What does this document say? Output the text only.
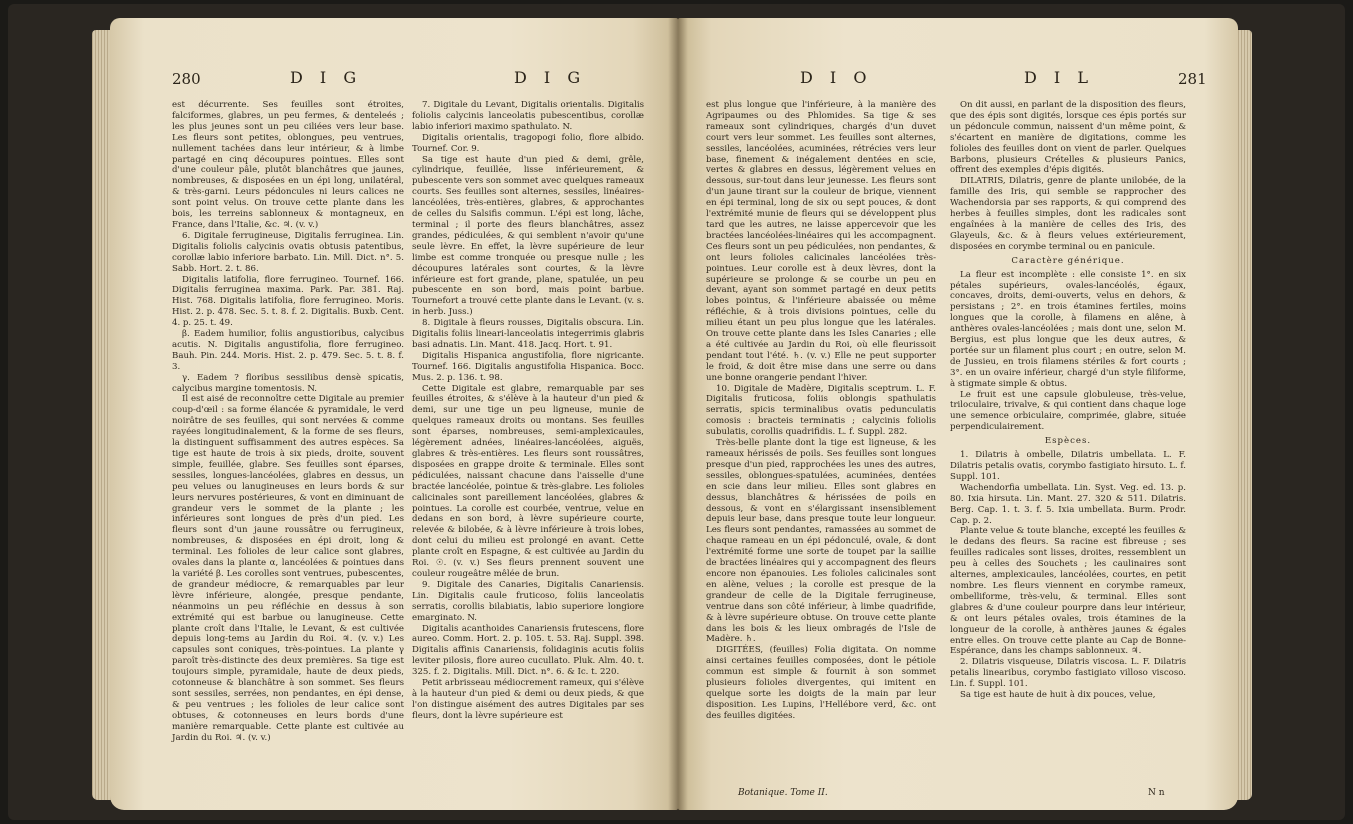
280	D I G	D I G

est décurrente. Ses feuilles sont étroites, falciformes, glabres, un peu fermes, & denteleés ; les plus jeunes sont un peu ciliées vers leur base. Les fleurs sont petites, oblongues, peu ventrues, nullement tachées dans leur intérieur, & à limbe partagé en cinq découpures pointues. Elles sont d'une couleur pâle, plutôt blanchâtres que jaunes, nombreuses, & disposées en un épi long, unilatéral, & très-garni. Leurs pédoncules ni leurs calices ne sont point velus. On trouve cette plante dans les bois, les terreins sablonneux & montagneux, en France, dans l'Italie, &c. ♃. (v. v.)

6. Digitale ferrugineuse, Digitalis ferruginea. Lin. Digitalis foliolis calycinis ovatis obtusis patentibus, corollæ labio inferiore barbato. Lin. Mill. Dict. n°. 5. Sabb. Hort. 2. t. 86.

Digitalis latifolia, flore ferrugineo. Tournef. 166. Digitalis ferruginea maxima. Park. Par. 381. Raj. Hist. 768. Digitalis latifolia, flore ferrugineo. Moris. Hist. 2. p. 478. Sec. 5. t. 8. f. 2. Digitalis. Buxb. Cent. 4. p. 25. t. 49.

β. Eadem humilior, foliis angustioribus, calycibus acutis. N. Digitalis angustifolia, flore ferrugineo. Bauh. Pin. 244. Moris. Hist. 2. p. 479. Sec. 5. t. 8. f. 3.

γ. Eadem ? floribus sessilibus densè spicatis, calycibus margine tomentosis. N.

Il est aisé de reconnoître cette Digitale au premier coup-d'œil : sa forme élancée & pyramidale, le verd noirâtre de ses feuilles, qui sont nervées & comme rayées longitudinalement, & la forme de ses fleurs, la distinguent suffisamment des autres espèces. Sa tige est haute de trois à six pieds, droite, souvent simple, feuillée, glabre. Ses feuilles sont éparses, sessiles, longues-lancéolées, glabres en dessus, un peu velues ou lanugineuses en leurs bords & sur leurs nervures postérieures, & vont en diminuant de grandeur vers le sommet de la plante ; les inférieures sont longues de près d'un pied. Les fleurs sont d'un jaune roussâtre ou ferrugineux, nombreuses, & disposées en épi droit, long & terminal. Les folioles de leur calice sont glabres, ovales dans la plante α, lancéolées & pointues dans la variété β. Les corolles sont ventrues, pubescentes, de grandeur médiocre, & remarquables par leur lèvre inférieure, alongée, presque pendante, néanmoins un peu réfléchie en dessus à son extrémité qui est barbue ou lanugineuse. Cette plante croît dans l'Italie, le Levant, & est cultivée depuis long-tems au Jardin du Roi. ♃. (v. v.) Les capsules sont coniques, très-pointues. La plante γ paroît très-distincte des deux premières. Sa tige est toujours simple, pyramidale, haute de deux pieds, cotonneuse & blanchâtre à son sommet. Ses fleurs sont sessiles, serrées, non pendantes, en épi dense, & peu ventrues ; les folioles de leur calice sont obtuses, & cotonneuses en leurs bords d'une manière remarquable. Cette plante est cultivée au Jardin du Roi. ♃. (v. v.)

7. Digitale du Levant, Digitalis orientalis. Digitalis foliolis calycinis lanceolatis pubescentibus, corollæ labio inferiori maximo spathulato. N.

Digitalis orientalis, tragopogi folio, flore albido. Tournef. Cor. 9.

Sa tige est haute d'un pied & demi, grêle, cylindrique, feuillée, lisse inférieurement, & pubescente vers son sommet avec quelques rameaux courts. Ses feuilles sont alternes, sessiles, linéaires-lancéolées, très-entières, glabres, & approchantes de celles du Salsifis commun. L'épi est long, lâche, terminal ; il porte des fleurs blanchâtres, assez grandes, pédiculées, & qui semblent n'avoir qu'une seule lèvre. En effet, la lèvre supérieure de leur limbe est comme tronquée ou presque nulle ; les découpures latérales sont courtes, & la lèvre inférieure est fort grande, plane, spatulée, un peu pubescente en son bord, mais point barbue. Tournefort a trouvé cette plante dans le Levant. (v. s. in herb. Juss.)

8. Digitale à fleurs rousses, Digitalis obscura. Lin. Digitalis foliis lineari-lanceolatis integerrimis glabris basi adnatis. Lin. Mant. 418. Jacq. Hort. t. 91.

Digitalis Hispanica angustifolia, flore nigricante. Tournef. 166. Digitalis angustifolia Hispanica. Bocc. Mus. 2. p. 136. t. 98.

Cette Digitale est glabre, remarquable par ses feuilles étroites, & s'élève à la hauteur d'un pied & demi, sur une tige un peu ligneuse, munie de quelques rameaux droits ou montans. Ses feuilles sont éparses, nombreuses, semi-amplexicaules, légèrement adnées, linéaires-lancéolées, aiguës, glabres & très-entières. Les fleurs sont roussâtres, disposées en grappe droite & terminale. Elles sont pédiculées, naissant chacune dans l'aisselle d'une bractée lancéolée, pointue & très-glabre. Les folioles calicinales sont pareillement lancéolées, glabres & pointues. La corolle est courbée, ventrue, velue en dedans en son bord, à lèvre supérieure courte, relevée & bilobée, & à lèvre inférieure à trois lobes, dont celui du milieu est prolongé en avant. Cette plante croît en Espagne, & est cultivée au Jardin du Roi. ☉. (v. v.) Ses fleurs prennent souvent une couleur rougeâtre mêlée de brun.

9. Digitale des Canaries, Digitalis Canariensis. Lin. Digitalis caule fruticoso, foliis lanceolatis serratis, corollis bilabiatis, labio superiore longiore emarginato. N.

Digitalis acanthoides Canariensis frutescens, flore aureo. Comm. Hort. 2. p. 105. t. 53. Raj. Suppl. 398. Digitalis affinis Canariensis, folidaginis acutis foliis leviter pilosis, flore aureo cucullato. Pluk. Alm. 40. t. 325. f. 2. Digitalis. Mill. Dict. n°. 6. & Ic. t. 220.

Petit arbrisseau médiocrement rameux, qui s'élève à la hauteur d'un pied & demi ou deux pieds, & que l'on distingue aisément des autres Digitales par ses fleurs, dont la lèvre supérieure est

D I O	D I L	281

est plus longue que l'inférieure, à la manière des Agripaumes ou des Phlomides. Sa tige & ses rameaux sont cylindriques, chargés d'un duvet court vers leur sommet. Les feuilles sont alternes, sessiles, lancéolées, acuminées, rétrécies vers leur base, finement & inégalement dentées en scie, vertes & glabres en dessus, légèrement velues en dessous, sur-tout dans leur jeunesse. Les fleurs sont d'un jaune tirant sur la couleur de brique, viennent en épi terminal, long de six ou sept pouces, & dont l'extrémité munie de fleurs qui se développent plus tard que les autres, ne laisse appercevoir que les bractées lancéolées-linéaires qui les accompagnent. Ces fleurs sont un peu pédiculées, non pendantes, & ont leurs folioles calicinales lancéolées très-pointues. Leur corolle est à deux lèvres, dont la supérieure se prolonge & se courbe un peu en devant, ayant son sommet partagé en deux petits lobes pointus, & l'inférieure abaissée ou même réfléchie, & à trois divisions pointues, celle du milieu étant un peu plus longue que les latérales. On trouve cette plante dans les Isles Canaries ; elle a été cultivée au Jardin du Roi, où elle fleurissoit pendant tout l'été. ♄. (v. v.) Elle ne peut supporter le froid, & doit être mise dans une serre ou dans une bonne orangerie pendant l'hiver.

10. Digitale de Madère, Digitalis sceptrum. L. F. Digitalis fruticosa, foliis oblongis spathulatis serratis, spicis terminalibus ovatis pedunculatis comosis : bracteis terminatis ; calycinis foliolis subulatis, corollis quadrifidis. L. f. Suppl. 282.

Très-belle plante dont la tige est ligneuse, & les rameaux hérissés de poils. Ses feuilles sont longues presque d'un pied, rapprochées les unes des autres, sessiles, oblongues-spatulées, acuminées, dentées en scie dans leur milieu. Elles sont glabres en dessus, blanchâtres & hérissées de poils en dessous, & vont en s'élargissant insensiblement depuis leur base, dans presque toute leur longueur. Les fleurs sont pendantes, ramassées au sommet de chaque rameau en un épi pédonculé, ovale, & dont l'extrémité forme une sorte de toupet par la saillie de bractées linéaires qui y accompagnent des fleurs encore non épanouies. Les folioles calicinales sont en alène, velues ; la corolle est presque de la grandeur de celle de la Digitale ferrugineuse, ventrue dans son côté inférieur, à limbe quadrifide, & à lèvre supérieure obtuse. On trouve cette plante dans les bois & les lieux ombragés de l'Isle de Madère. ♄.

DIGITÉES, (feuilles) Folia digitata. On nomme ainsi certaines feuilles composées, dont le pétiole commun est simple & fournit à son sommet plusieurs folioles divergentes, qui imitent en quelque sorte les doigts de la main par leur disposition. Les Lupins, l'Hellébore verd, &c. ont des feuilles digitées.

On dit aussi, en parlant de la disposition des fleurs, que des épis sont digités, lorsque ces épis portés sur un pédoncule commun, naissent d'un même point, & s'écartent en manière de digitations, comme les folioles des feuilles dont on vient de parler. Quelques Barbons, plusieurs Crételles & plusieurs Panics, offrent des exemples d'épis digités.

DILATRIS, Dilatris, genre de plante unilobée, de la famille des Iris, qui semble se rapprocher des Wachendorsia par ses rapports, & qui comprend des herbes à feuilles simples, dont les radicales sont engaînées à la manière de celles des Iris, des Glayeuls, &c. & à fleurs velues extérieurement, disposées en corymbe terminal ou en panicule.

Caractère générique.

La fleur est incomplète : elle consiste 1°. en six pétales supérieurs, ovales-lancéolés, égaux, concaves, droits, demi-ouverts, velus en dehors, & persistans ; 2°. en trois étamines fertiles, moins longues que la corolle, à filamens en alêne, à anthères ovales-lancéolées ; mais dont une, selon M. Bergius, est plus longue que les deux autres, & portée sur un filament plus court ; en outre, selon M. de Jussieu, en trois filamens stériles & fort courts ; 3°. en un ovaire inférieur, chargé d'un style filiforme, à stigmate simple & obtus.

Le fruit est une capsule globuleuse, très-velue, triloculaire, trivalve, & qui contient dans chaque loge une semence orbiculaire, comprimée, glabre, située perpendiculairement.

Espèces.

1. Dilatris à ombelle, Dilatris umbellata. L. F. Dilatris petalis ovatis, corymbo fastigiato hirsuto. L. f. Suppl. 101.

Wachendorfia umbellata. Lin. Syst. Veg. ed. 13. p. 80. Ixia hirsuta. Lin. Mant. 27. 320 & 511. Dilatris. Berg. Cap. 1. t. 3. f. 5. Ixia umbellata. Burm. Prodr. Cap. p. 2.

Plante velue & toute blanche, excepté les feuilles & le dedans des fleurs. Sa racine est fibreuse ; ses feuilles radicales sont lisses, droites, ressemblent un peu à celles des Souchets ; les caulinaires sont alternes, amplexicaules, lancéolées, courtes, en petit nombre. Les fleurs viennent en corymbe rameux, ombelliforme, très-velu, & terminal. Elles sont glabres & d'une couleur pourpre dans leur intérieur, & ont leurs pétales ovales, trois étamines de la longueur de la corolle, à anthères jaunes & égales entre elles. On trouve cette plante au Cap de Bonne-Espérance, dans les champs sablonneux. ♃.

2. Dilatris visqueuse, Dilatris viscosa. L. F. Dilatris petalis linearibus, corymbo fastigiato villoso viscoso. Lin. f. Suppl. 101.

Sa tige est haute de huit à dix pouces, velue,

Botanique. Tome II.	N n
